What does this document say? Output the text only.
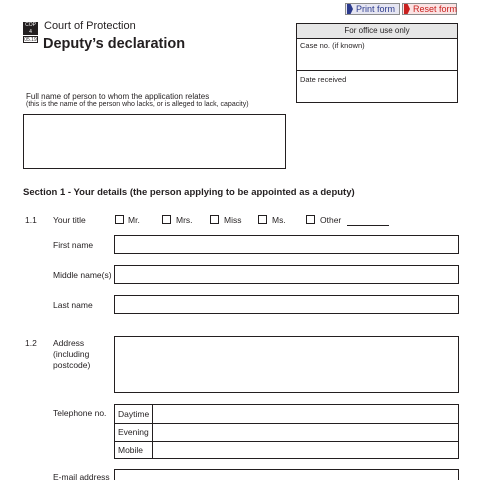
Print form	Reset form
COP
4
05.19
Court of Protection
Deputy’s declaration
For office use only
Case no. (if known)
Date received
Full name of person to whom the application relates
(this is the name of the person who lacks, or is alleged to lack, capacity)
Section 1 - Your details (the person applying to be appointed as a deputy)
1.1 Your title	Mr.	Mrs.	Miss	Ms.	Other
First name
Middle name(s)
Last name
1.2 Address
(including
postcode)
Telephone no.	Daytime
Evening
Mobile
E-mail address
